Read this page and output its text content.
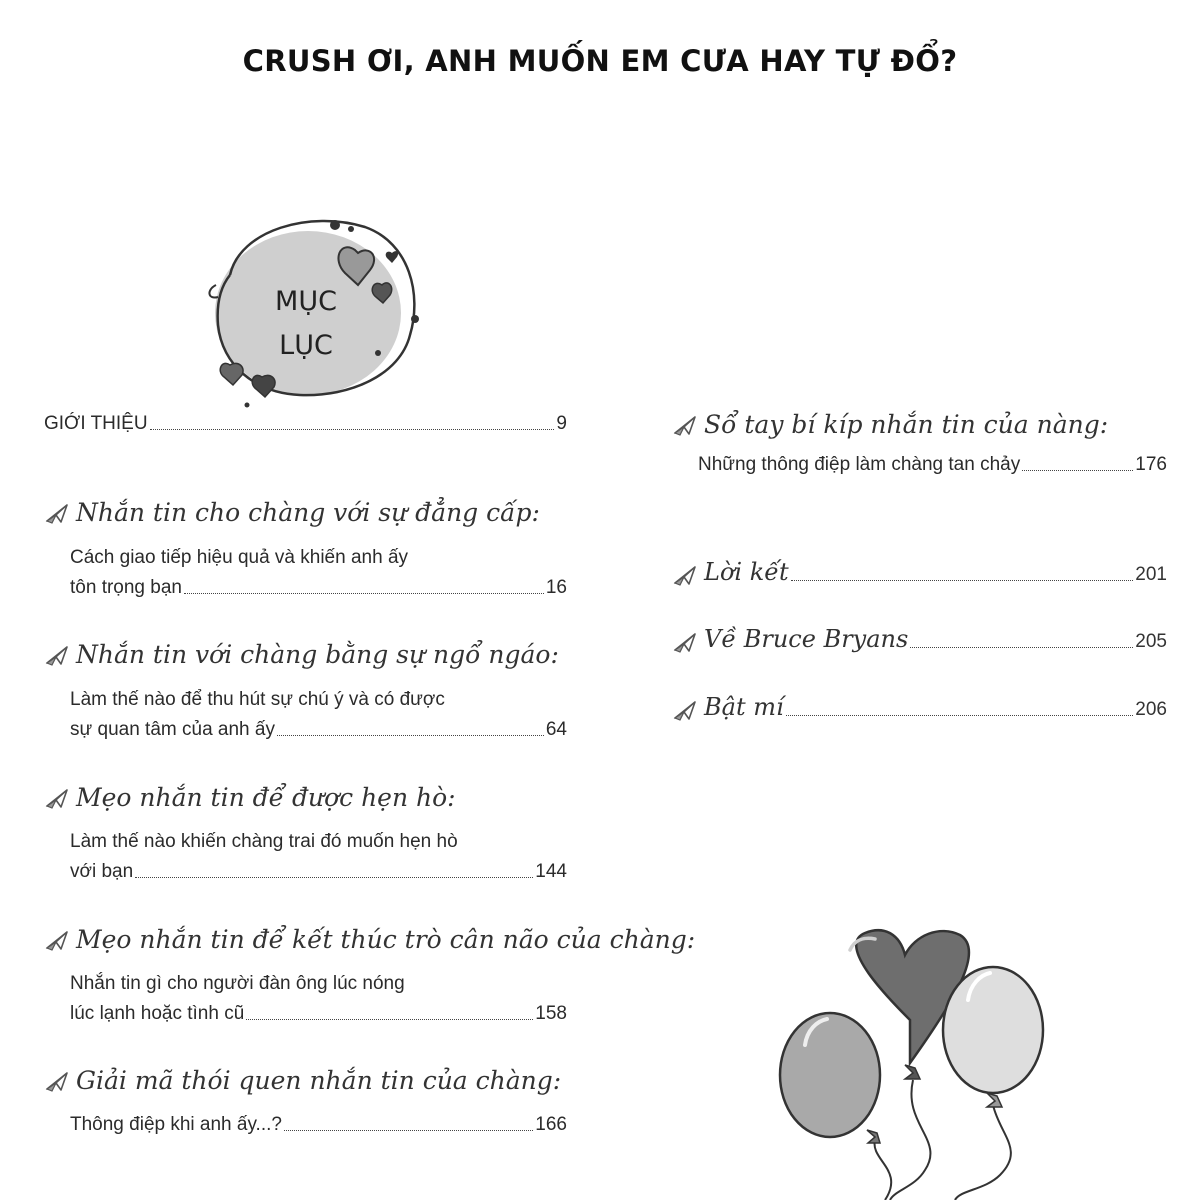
CRUSH ƠI, ANH MUỐN EM CƯA HAY TỰ ĐỔ?
MỤC
LỤC
GIỚI THIỆU	9
Nhắn tin cho chàng với sự đẳng cấp:
Cách giao tiếp hiệu quả và khiến anh ấy
tôn trọng bạn	16
Nhắn tin với chàng bằng sự ngổ ngáo:
Làm thế nào để thu hút sự chú ý và có được
sự quan tâm của anh ấy	64
Mẹo nhắn tin để được hẹn hò:
Làm thế nào khiến chàng trai đó muốn hẹn hò
với bạn	144
Mẹo nhắn tin để kết thúc trò cân não của chàng:
Nhắn tin gì cho người đàn ông lúc nóng
lúc lạnh hoặc tình cũ	158
Giải mã thói quen nhắn tin của chàng:
Thông điệp khi anh ấy...?	166
Sổ tay bí kíp nhắn tin của nàng:
Những thông điệp làm chàng tan chảy	176
Lời kết	201
Về Bruce Bryans	205
Bật mí	206
